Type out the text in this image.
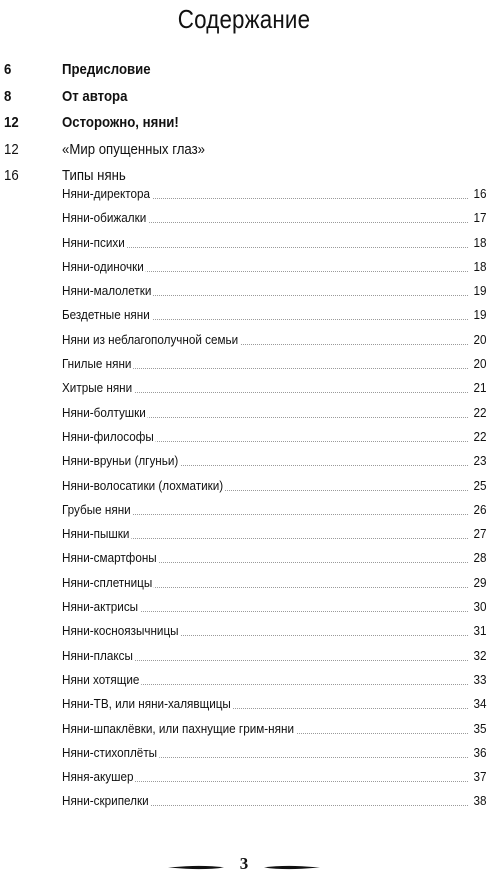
Содержание
6	Предисловие
8	От автора
12	Осторожно, няни!
12	«Мир опущенных глаз»
16	Типы нянь
Няни-директора	16
Няни-обижалки	17
Няни-психи	18
Няни-одиночки	18
Няни-малолетки	19
Бездетные няни	19
Няни из неблагополучной семьи	20
Гнилые няни	20
Хитрые няни	21
Няни-болтушки	22
Няни-философы	22
Няни-вруньи (лгуньи)	23
Няни-волосатики (лохматики)	25
Грубые няни	26
Няни-пышки	27
Няни-смартфоны	28
Няни-сплетницы	29
Няни-актрисы	30
Няни-косноязычницы	31
Няни-плаксы	32
Няни хотящие	33
Няни-ТВ, или няни-халявщицы	34
Няни-шпаклёвки, или пахнущие грим-няни	35
Няни-стихоплёты	36
Няня-акушер	37
Няни-скрипелки	38
3
